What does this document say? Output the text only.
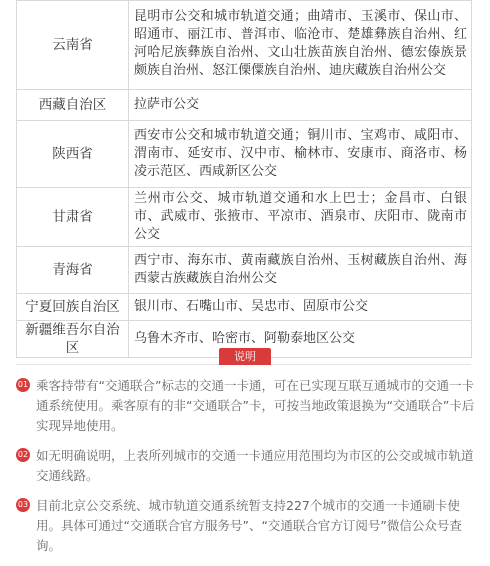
云南省	昆明市公交和城市轨道交通；曲靖市、玉溪市、保山市、昭通市、丽江市、普洱市、临沧市、楚雄彝族自治州、红河哈尼族彝族自治州、文山壮族苗族自治州、德宏傣族景颇族自治州、怒江傈僳族自治州、迪庆藏族自治州公交
西藏自治区	拉萨市公交
陕西省	西安市公交和城市轨道交通；铜川市、宝鸡市、咸阳市、渭南市、延安市、汉中市、榆林市、安康市、商洛市、杨凌示范区、西咸新区公交
甘肃省	兰州市公交、城市轨道交通和水上巴士；金昌市、白银市、武威市、张掖市、平凉市、酒泉市、庆阳市、陇南市公交
青海省	西宁市、海东市、黄南藏族自治州、玉树藏族自治州、海西蒙古族藏族自治州公交
宁夏回族自治区	银川市、石嘴山市、吴忠市、固原市公交
新疆维吾尔自治区	乌鲁木齐市、哈密市、阿勒泰地区公交
说明
01 乘客持带有“交通联合”标志的交通一卡通，可在已实现互联互通城市的交通一卡通系统使用。乘客原有的非“交通联合”卡，可按当地政策退换为“交通联合”卡后实现异地使用。
02 如无明确说明，上表所列城市的交通一卡通应用范围均为市区的公交或城市轨道交通线路。
03 目前北京公交系统、城市轨道交通系统暂支持227个城市的交通一卡通刷卡使用。具体可通过“交通联合官方服务号”、“交通联合官方订阅号”微信公众号查询。
